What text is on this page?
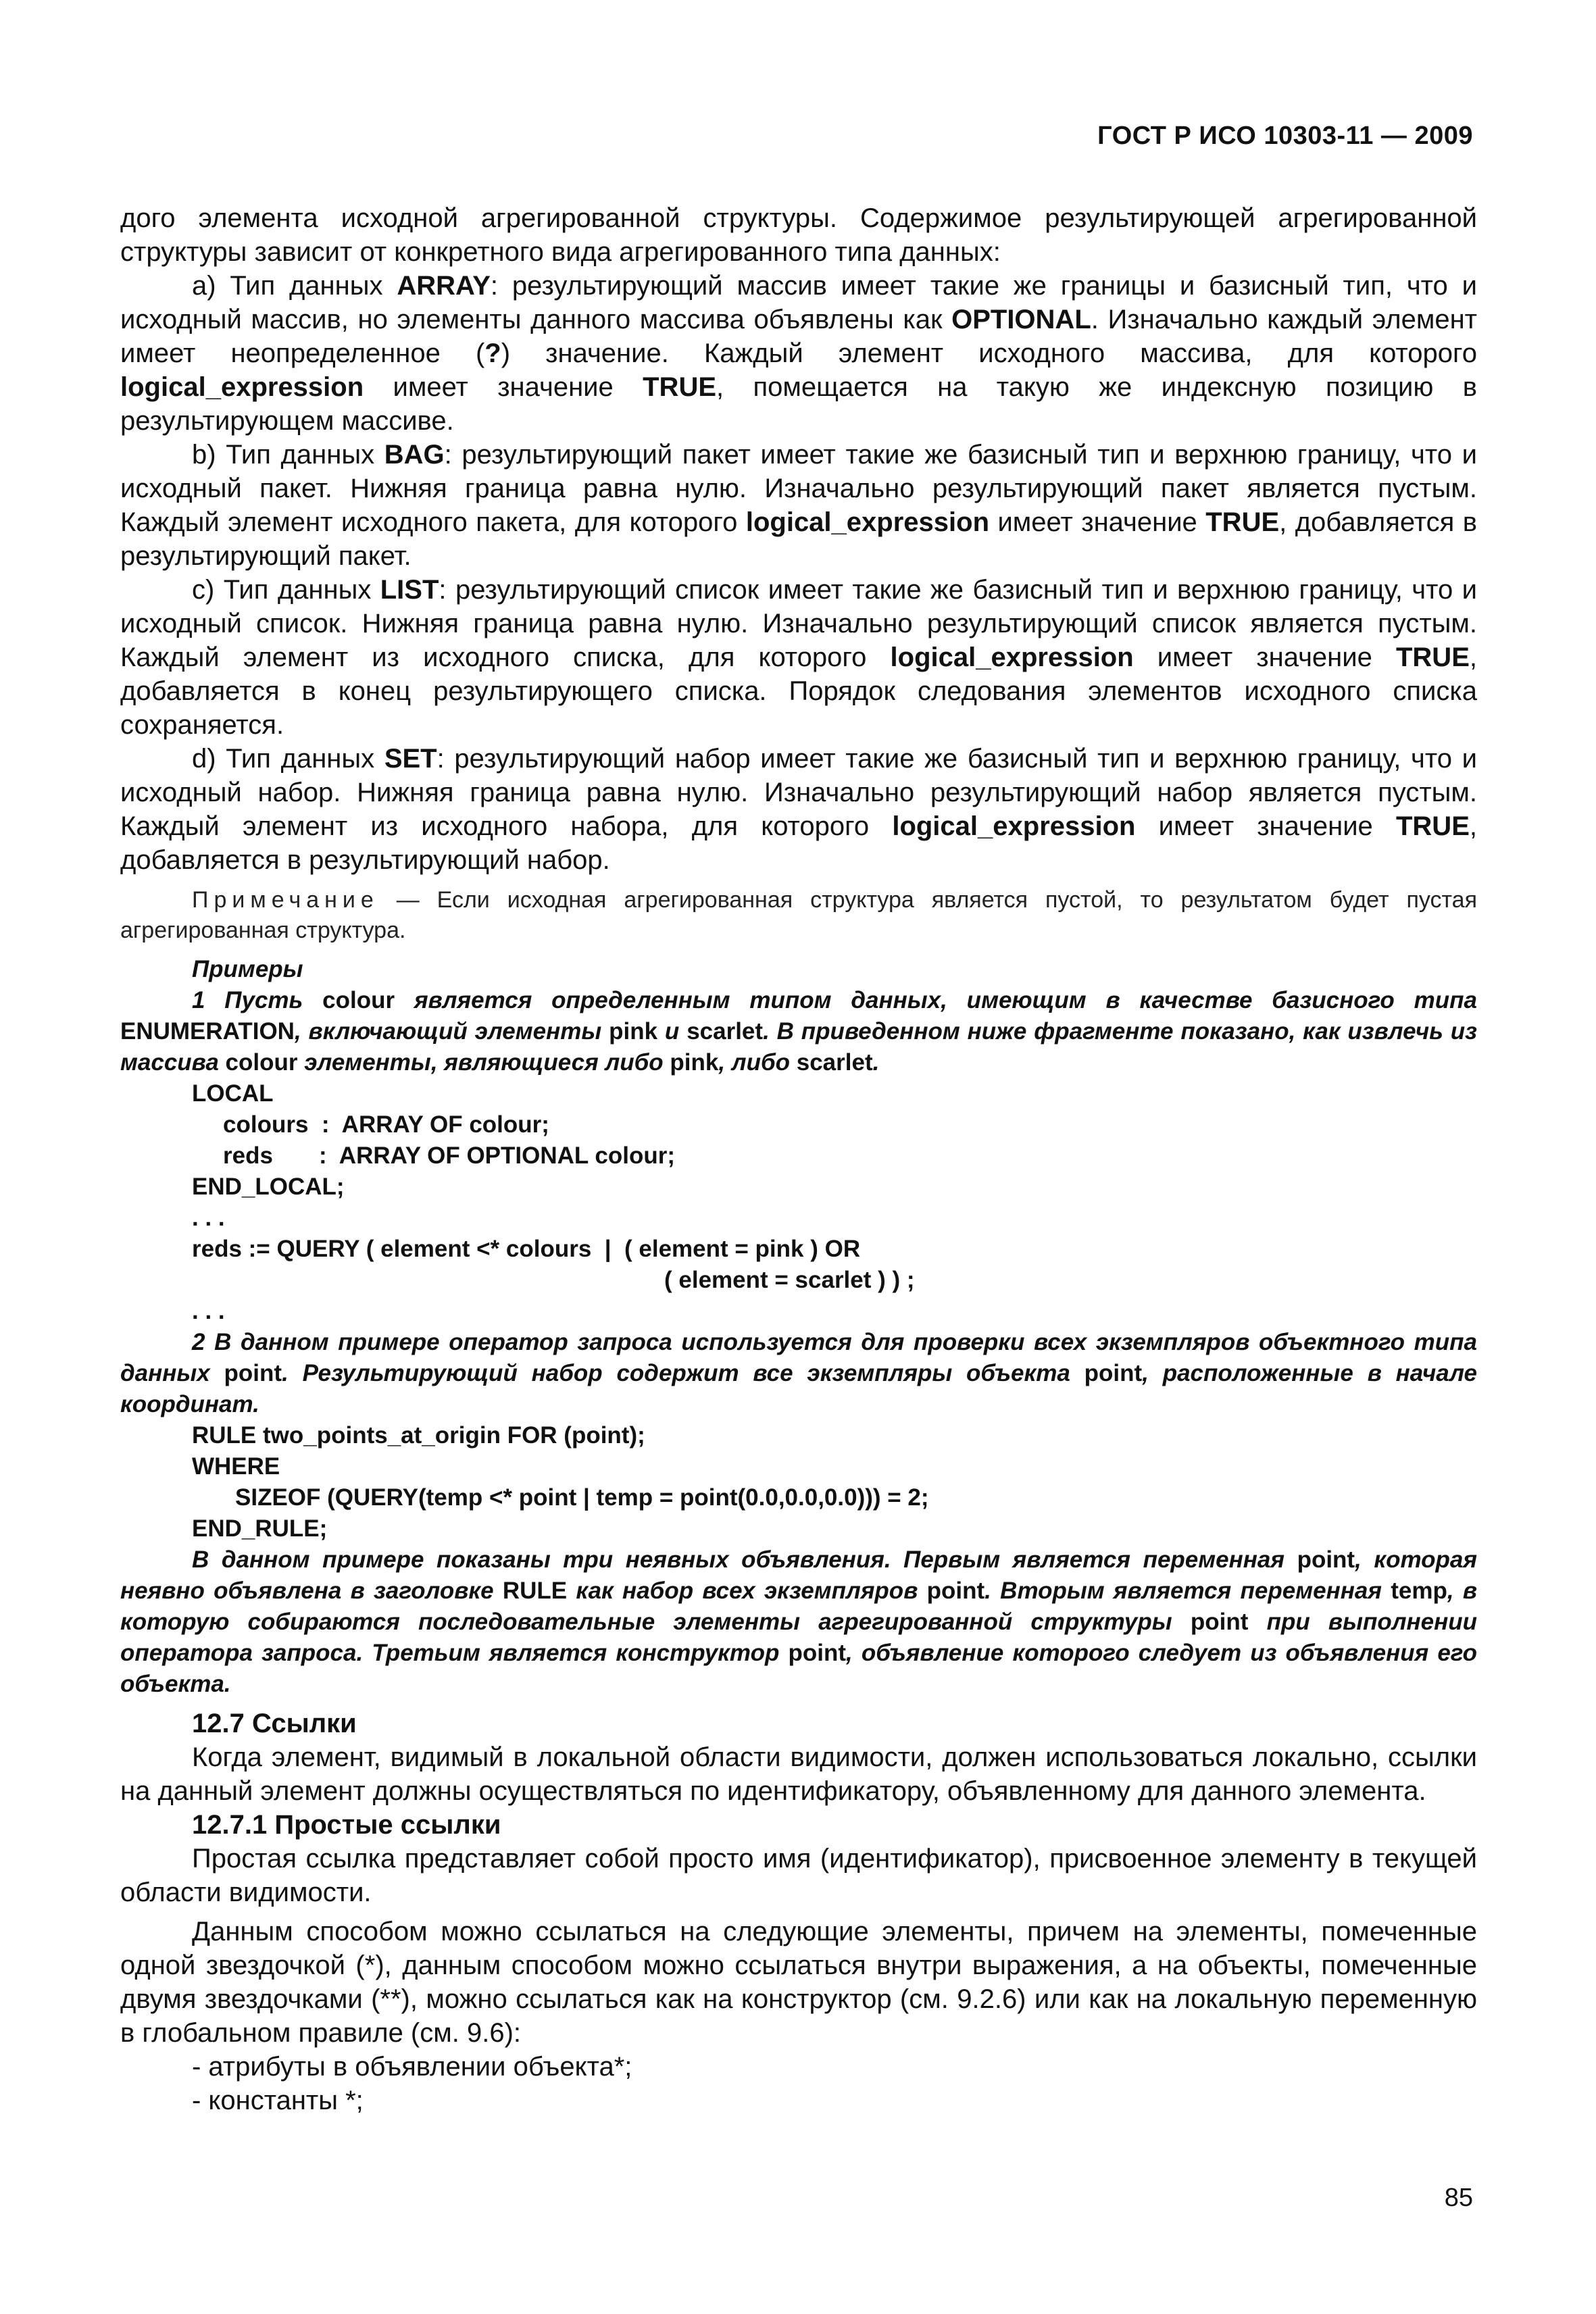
ГОСТ Р ИСО 10303-11 — 2009

дого элемента исходной агрегированной структуры. Содержимое результирующей агрегированной структуры зависит от конкретного вида агрегированного типа данных:

a) Тип данных ARRAY: результирующий массив имеет такие же границы и базисный тип, что и исходный массив, но элементы данного массива объявлены как OPTIONAL. Изначально каждый элемент имеет неопределенное (?) значение. Каждый элемент исходного массива, для которого logical_expression имеет значение TRUE, помещается на такую же индексную позицию в результирующем массиве.

b) Тип данных BAG: результирующий пакет имеет такие же базисный тип и верхнюю границу, что и исходный пакет. Нижняя граница равна нулю. Изначально результирующий пакет является пустым. Каждый элемент исходного пакета, для которого logical_expression имеет значение TRUE, добавляется в результирующий пакет.

c) Тип данных LIST: результирующий список имеет такие же базисный тип и верхнюю границу, что и исходный список. Нижняя граница равна нулю. Изначально результирующий список является пустым. Каждый элемент из исходного списка, для которого logical_expression имеет значение TRUE, добавляется в конец результирующего списка. Порядок следования элементов исходного списка сохраняется.

d) Тип данных SET: результирующий набор имеет такие же базисный тип и верхнюю границу, что и исходный набор. Нижняя граница равна нулю. Изначально результирующий набор является пустым. Каждый элемент из исходного набора, для которого logical_expression имеет значение TRUE, добавляется в результирующий набор.

Примечание — Если исходная агрегированная структура является пустой, то результатом будет пустая агрегированная структура.

Примеры

1 Пусть colour является определенным типом данных, имеющим в качестве базисного типа ENUMERATION, включающий элементы pink и scarlet. В приведенном ниже фрагменте показано, как извлечь из массива colour элементы, являющиеся либо pink, либо scarlet.

LOCAL
colours  :  ARRAY OF colour;
reds       :  ARRAY OF OPTIONAL colour;
END_LOCAL;
. . .
reds := QUERY ( element <* colours  |  ( element = pink ) OR
( element = scarlet ) ) ;
. . .

2 В данном примере оператор запроса используется для проверки всех экземпляров объектного типа данных point. Результирующий набор содержит все экземпляры объекта point, расположенные в начале координат.

RULE two_points_at_origin FOR (point);
WHERE
SIZEOF (QUERY(temp <* point | temp = point(0.0,0.0,0.0))) = 2;
END_RULE;

В данном примере показаны три неявных объявления. Первым является переменная point, которая неявно объявлена в заголовке RULE как набор всех экземпляров point. Вторым является переменная temp, в которую собираются последовательные элементы агрегированной структуры point при выполнении оператора запроса. Третьим является конструктор point, объявление которого следует из объявления его объекта.

12.7 Ссылки

Когда элемент, видимый в локальной области видимости, должен использоваться локально, ссылки на данный элемент должны осуществляться по идентификатору, объявленному для данного элемента.

12.7.1 Простые ссылки

Простая ссылка представляет собой просто имя (идентификатор), присвоенное элементу в текущей области видимости.

Данным способом можно ссылаться на следующие элементы, причем на элементы, помеченные одной звездочкой (*), данным способом можно ссылаться внутри выражения, а на объекты, помеченные двумя звездочками (**), можно ссылаться как на конструктор (см. 9.2.6) или как на локальную переменную в глобальном правиле (см. 9.6):

- атрибуты в объявлении объекта*;

- константы *;

85
